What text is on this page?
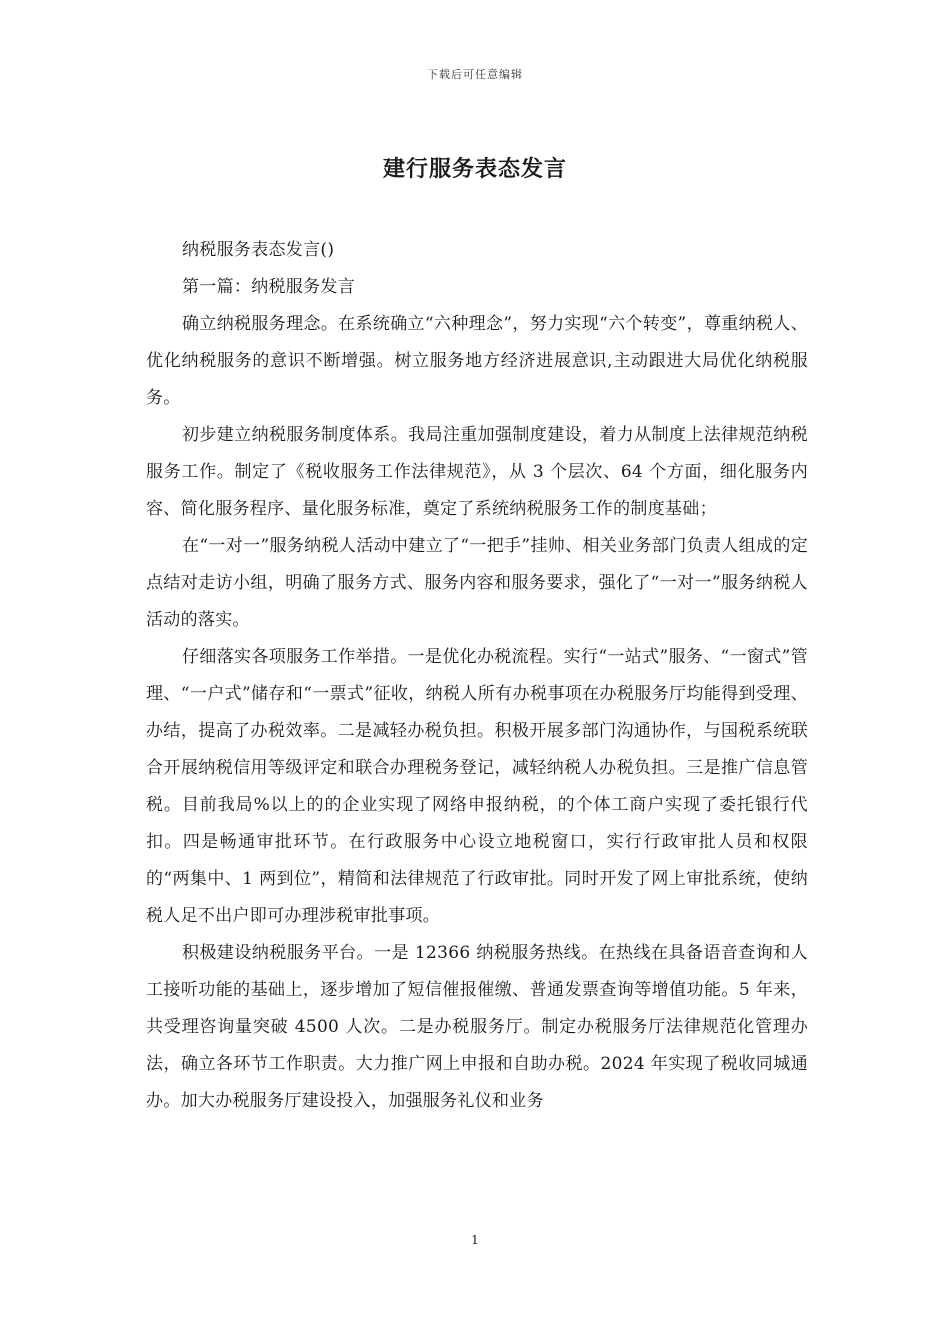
下载后可任意编辑
建行服务表态发言

纳税服务表态发言()

第一篇：纳税服务发言

确立纳税服务理念。在系统确立“六种理念”，努力实现“六个转变”，尊重纳税人、优化纳税服务的意识不断增强。树立服务地方经济进展意识,主动跟进大局优化纳税服务。

初步建立纳税服务制度体系。我局注重加强制度建设，着力从制度上法律规范纳税服务工作。制定了《税收服务工作法律规范》，从 3 个层次、64 个方面，细化服务内容、简化服务程序、量化服务标准，奠定了系统纳税服务工作的制度基础；

在“一对一”服务纳税人活动中建立了“一把手”挂帅、相关业务部门负责人组成的定点结对走访小组，明确了服务方式、服务内容和服务要求，强化了“一对一”服务纳税人活动的落实。

仔细落实各项服务工作举措。一是优化办税流程。实行“一站式”服务、“一窗式”管理、“一户式”储存和“一票式”征收，纳税人所有办税事项在办税服务厅均能得到受理、办结，提高了办税效率。二是减轻办税负担。积极开展多部门沟通协作，与国税系统联合开展纳税信用等级评定和联合办理税务登记，减轻纳税人办税负担。三是推广信息管税。目前我局%以上的的企业实现了网络申报纳税，的个体工商户实现了委托银行代扣。四是畅通审批环节。在行政服务中心设立地税窗口，实行行政审批人员和权限的“两集中、1 两到位”，精简和法律规范了行政审批。同时开发了网上审批系统，使纳税人足不出户即可办理涉税审批事项。

积极建设纳税服务平台。一是 12366 纳税服务热线。在热线在具备语音查询和人工接听功能的基础上，逐步增加了短信催报催缴、普通发票查询等增值功能。5 年来，共受理咨询量突破 4500 人次。二是办税服务厅。制定办税服务厅法律规范化管理办法，确立各环节工作职责。大力推广网上申报和自助办税。2024 年实现了税收同城通办。加大办税服务厅建设投入，加强服务礼仪和业务

1
